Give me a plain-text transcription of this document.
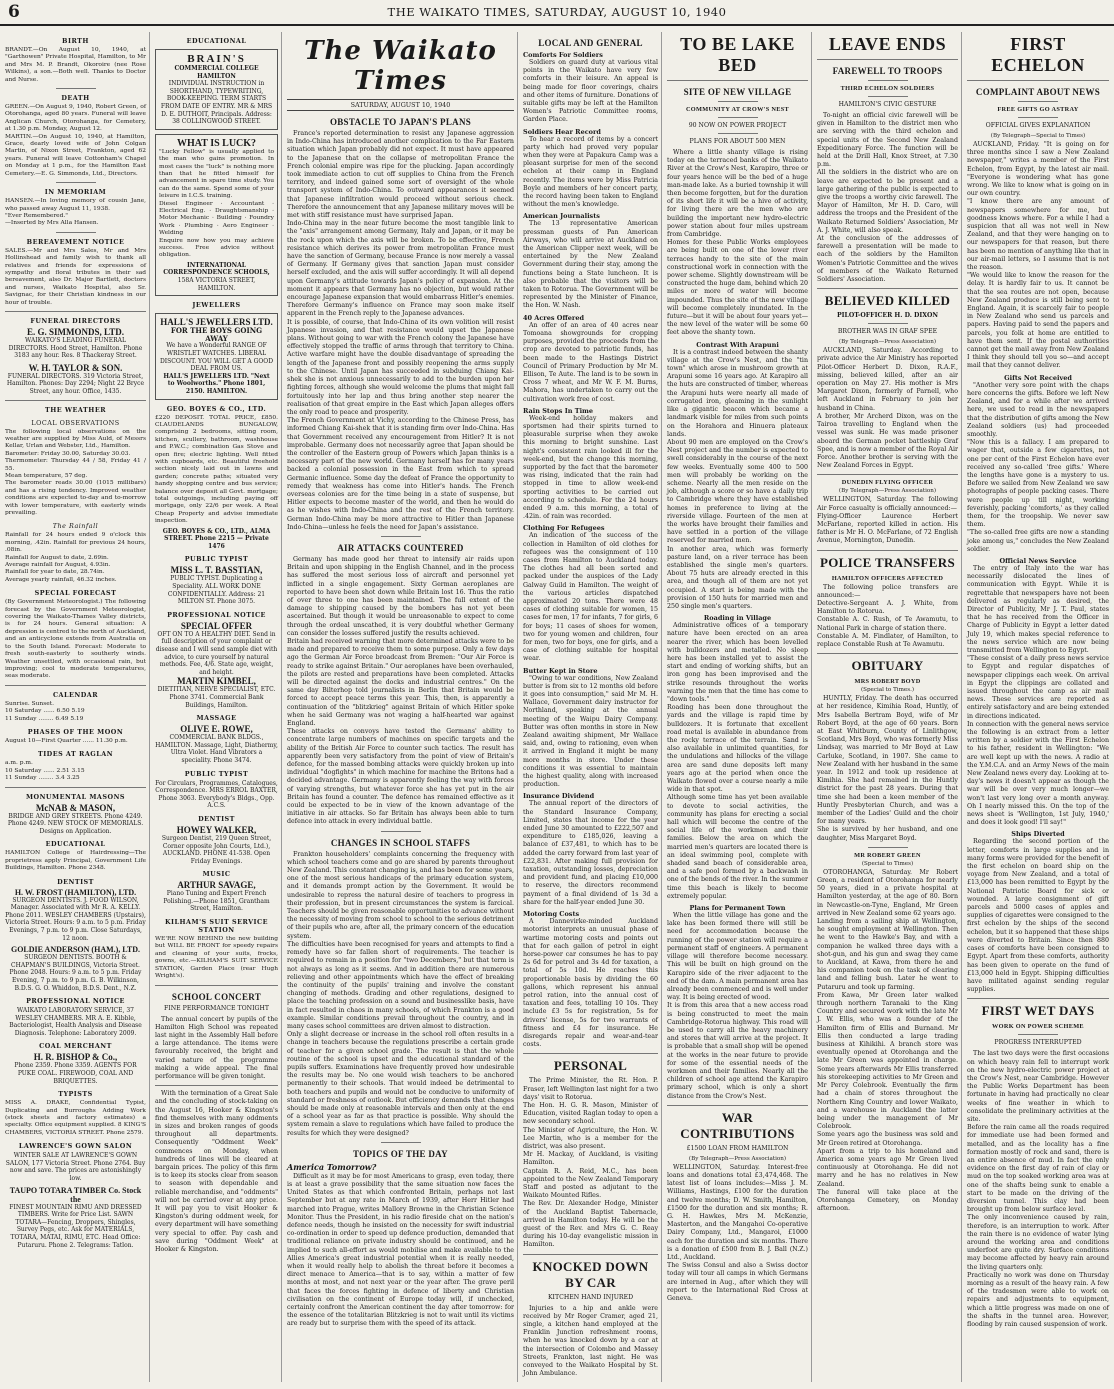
6	THE WAIKATO TIMES, SATURDAY, AUGUST 10, 1940
BIRTH
BRANDT.—On August 10, 1940, at "Garthowen" Private Hospital, Hamilton, to Mr and Mrs M. P. Brandt, Okoroire (nee Rose Wilkins), a son.—Both well. Thanks to Doctor and Nurse.
DEATH
GREEN.—On August 9, 1940, Robert Green, of Otorohanga, aged 80 years. Funeral will leave Anglican Church, Otorohanga, for Cemetery, at 1.30 p.m. Monday, August 12.
MARTIN.—On August 10, 1940, at Hamilton, Grace, dearly loved wife of John Colgan Martin, of Nixon Street, Frankton, aged 62 years. Funeral will leave Cottonham's Chapel on Monday at 1 p.m., for the Hamilton East Cemetery.—E. G. Simmonds, Ltd., Directors.
IN MEMORIAM
HANSEN.—In loving memory of cousin Jane, who passed away August 11, 1938.
"Ever Remembered."
—Inserted by Mrs Alla Hansen.
BEREAVEMENT NOTICE
SALES.—Mr and Mrs Sales, Mr and Mrs Hollinshead and family wish to thank all relatives and friends for expressions of sympathy and floral tributes in their sad bereavement, also Dr. Major Bartlett, doctors and nurses, Waikato Hospital, also Sr. Savignac, for their Christian kindness in our hour of trouble.
FUNERAL DIRECTORS
E. G. SIMMONDS, LTD.
WAIKATO'S LEADING FUNERAL DIRECTORS. Hood Street, Hamilton. Phone 3183 any hour. Res. 8 Thackeray Street.
W. H. TAYLOR & SON.
FUNERAL DIRECTORS. 319 Victoria Street, Hamilton. Phones: Day 2294; Night 22 Bryce Street, any hour. Office, 1435.
THE WEATHER
LOCAL OBSERVATIONS
The following local observations on the weather are supplied by Miss Auld, of Messrs Kellar, Urlan and Webster, Ltd., Hamilton.
Barometer: Friday 30.00, Saturday 30.03.
Thermometer: Thursday 44 / 58, Friday 41 / 55.
Mean temperature, 57 deg.
The barometer reads 30.00 (1015 millibars) and has a rising tendency. Improved weather conditions are expected to-day and to-morrow with lower temperature, with easterly winds prevailing.
The Rainfall
Rainfall for 24 hours ended 9 o'clock this morning, .42in. Rainfall for previous 24 hours, .08in.
Rainfall for August to date, 2.69in.
Average rainfall for August, 4.93in.
Rainfall for year to date, 28.74in.
Average yearly rainfall, 46.32 inches.
SPECIAL FORECAST
(By Government Meteorologist.) The following forecast by the Government Meteorologist, covering the Waikato-Thames Valley districts, is for 24 hours. General situation: A depression is centred to the north of Auckland, and an anticyclone extends from Australia on to the South Island. Forecast: Moderate to fresh south-easterly to southerly winds. Weather unsettled, with occasional rain, but improving; cool to moderate temperatures, seas moderate.
CALENDAR
Sunrise. Sunset.
10 Saturday ...... 6.50 5.19
11 Sunday ........ 6.49 5.19
PHASES OF THE MOON
August 10—First Quarter ...... 11.30 p.m.
TIDES AT RAGLAN
a.m. p.m.
10 Saturday ...... 2.51 3.15
11 Sunday ........ 3.4 3.25
MONUMENTAL MASONS
McNAB & MASON,
BRIDGE AND GREY STREETS. Phone 4249. Phone 4249. NEW STOCK OF MEMORIALS. Designs on Application.
EDUCATIONAL
HAMILTON College of Hairdressing—The proprietress apply Principal, Government Life Buildings, Hamilton. Phone 2348.
DENTIST
H. W. FROST (HAMILTON), LTD.
SURGEON DENTISTS. J. FOOD WILSON, Manager. Associated with Mr R. A. KELLY. Phone 2011. WESLEY CHAMBERS (Upstairs), Victoria Street. Hours: 9 a.m. to 5 p.m. Friday Evenings, 7 p.m. to 9 p.m. Close Saturdays, 12 noon.
GOLDIE ANDERSON (HAM.), LTD.
SURGEON DENTISTS. BOOTH & CHAPMAN'S BUILDINGS, Victoria Street. Phone 2048. Hours: 9 a.m. to 5 p.m. Friday Evening, 7 p.m. to 9 p.m. G. B. Wilkinson, B.D.S. G. O. Whiddon, B.D.S. Dent., N.Z.
PROFESSIONAL NOTICE
WAIKATO LABORATORY SERVICE, 37 WESLEY CHAMBERS. MR A. E. Kibble, Bacteriologist, Health Analysis and Disease Diagnosis. Telephone: Laboratory 2009.
COAL MERCHANT
H. R. BISHOP & Co.,
Phone 2359. Phone 3359. AGENTS FOR PUKE COAL. FIREWOOD, COAL AND BRIQUETTES.
TYPISTS
MISS A. DRAKE, Confidential Typist, Duplicating and Burroughs Adding Work (stock sheets and factory estimates) a specialty. Office equipment supplied. 8 KING'S CHAMBERS, VICTORIA STREET. Phone 2579.
LAWRENCE'S GOWN SALON
WINTER SALE AT LAWRENCE'S GOWN SALON, 177 Victoria Street. Phone 2764. Buy now and save. The prices are astonishingly low.
TAUPO TOTARA TIMBER Co. Stock the
FINEST MOUNTAIN RIMU AND DRESSED TIMBERS. Write for Price List. SAWN TOTARA—Fencing, Droppers, Shingles, Survey Pegs, etc. Ask for MATERIALS, TOTARA, MATAI, RIMU, ETC. Head Office: Putaruru. Phone 2. Telegrams: Tatlon.
EDUCATIONAL
BRAIN'S
COMMERCIAL COLLEGE HAMILTON
INDIVIDUAL INSTRUCTION in SHORTHAND, TYPEWRITING, BOOK-KEEPING. TERM STARTS FROM DATE OF ENTRY. MR & MRS D. E. DUTHOIT, Principals. Address: 38 COLLINGWOOD STREET.
WHAT IS LUCK?
"Lucky Fellow" is usually applied to the man who gains promotion. In most cases the "luck" is nothing more than that he fitted himself for advancement in spare time study. You can do the same. Spend some of your leisure in I.C.S. training.
Diesel Engineer · Accountant · Electrical Eng. · Draughtsmanship · Motor Mechanic · Building · Foundry Work · Plumbing · Aero Engineer · Welding
Enquire now how you may achieve success. Free advice without obligation.
INTERNATIONAL CORRESPONDENCE SCHOOLS,
158A VICTORIA STREET, HAMILTON.
JEWELLERS
HALL'S JEWELLERS LTD.
FOR THE BOYS GOING AWAY
We have a Wonderful RANGE OF WRISTLET WATCHES. LIBERAL DISCOUNT. YOU WILL GET A GOOD DEAL FROM US.
HALL'S JEWELLERS LTD. "Next to Woolworths." Phone 1801, 2150. HAMILTON.
GEO. BOYES & CO., LTD.
£220 DEPOSIT. TOTAL PRICE, £850. CLAUDELANDS BUNGALOW, comprising 2 bedrooms, sitting room, kitchen, scullery, bathroom, washhouse and P.W.C.; combination Gas Stove and open fire; electric lighting. Well fitted with cupboards, etc. Beautiful freehold section nicely laid out in lawns and garden; concrete paths; situated very handy shopping centre and bus service; balance over deposit all Govt. mortgage; total outgoings, including paying off mortgage, only 22/6 per week. A Real Cheap Property and advise immediate inspection.
GEO. BOYES & CO., LTD., ALMA STREET. Phone 2215 — Private 1476
PUBLIC TYPIST
MISS L. T. BASSTIAN,
PUBLIC TYPIST. Duplicating a Speciality. ALL WORK DONE CONFIDENTIALLY. Address: 21 MILTON ST. Phone 3075.
PROFESSIONAL NOTICE
SPECIAL OFFER
OFT ON TO A HEALTHY DIET. Send in full description of your complaint or disease and I will send sample diet with advice, to cure yourself by natural methods. Fee, 4/6. State age, weight, and height.
MARTIN KIMBEL,
DIETITIAN, NERVE SPECIALIST, ETC. Phone 3741. Commercial Bank Buildings, Hamilton.
MASSAGE
OLIVE E. ROWE,
COMMERCIAL BANK BLDGS., HAMILTON. Massage, Light, Diathermy, Ultra Violet. Hand Vibrators a speciality. Phone 3474.
PUBLIC TYPIST
For Circulars, Programmes, Catalogues, Correspondence. MRS ERROL BAXTER, Phone 3063. Everybody's Bldgs., Opp. A.C.S.
DENTIST
HOWEY WALKER,
Surgeon Dentist, 219 Queen Street, Corner opposite John Courts, Ltd.), AUCKLAND. PHONE 41-538. Open Friday Evenings.
MUSIC
ARTHUR SAVAGE,
Piano Tuning and Expert French Polishing.—Phone 1851, Grantham Street, Hamilton.
KILHAM'S SUIT SERVICE STATION
WE'RE NOW BEHIND the new building but WILL BE FRONT for speedy repairs and cleaning of your suits, frocks, gowns, etc.—KILHAM'S SUIT SERVICE STATION, Garden Place (rear Hugh Wright's).
SCHOOL CONCERT
FINE PERFORMANCE TONIGHT
The annual concert by pupils of the Hamilton High School was repeated last night in the Assembly Hall before a large attendance. The items were favourably received, the bright and varied nature of the programme making a wide appeal. The final performance will be given tonight.
With the termination of a Great Sale and the concluding of stock-taking on the August 16, Hooker & Kingston's find themselves with many oddments in sizes and broken ranges of goods throughout all departments. Consequently "Oddment Week" commences on Monday, when hundreds of lines will be cleared at bargain prices. The policy of this firm is to keep its stocks clear from season to season with dependable and reliable merchandise, and "oddments" will not be carried over at any price. It will pay you to visit Hooker & Kingston's during oddment week, for every department will have something very special to offer. Pay cash and save during "Oddment Week" at Hooker & Kingston.
The Waikato Times
SATURDAY, AUGUST 10, 1940
OBSTACLE TO JAPAN'S PLANS
France's reported determination to resist any Japanese aggression in Indo-China has introduced another complication to the Far Eastern situation which Japan probably did not expect. It must have appeared to the Japanese that on the collapse of metropolitan France the French colonial empire was ripe for the plucking. Japan accordingly took immediate action to cut off supplies to China from the French territory, and indeed gained some sort of oversight of the whole transport system of Indo-China. To outward appearances it seemed that Japanese infiltration would proceed without serious check. Therefore the announcement that any Japanese military moves will be met with stiff resistance must have surprised Japan.
Indo-China may in the near future become the most tangible link to the "axis" arrangement among Germany, Italy and Japan, or it may be the rock upon which the axis will be broken. To be effective, French resistance which derives its power from metropolitan France must have the sanction of Germany, because France is now merely a vassal of Germany. If Germany gives that sanction Japan must consider herself excluded, and the axis will suffer accordingly. It will all depend upon Germany's attitude towards Japan's policy of expansion. At the moment it appears that Germany has no objection, but would rather encourage Japanese expansion that would embarrass Hitler's enemies. Therefore Germany's influence on France may soon make itself apparent in the French reply to the Japanese advances.
It is possible, of course, that Indo-China of its own volition will resist Japanese invasion, and that resistance would upset the Japanese plans. Without going to war with the French colony the Japanese have effectively stopped the traffic of arms through that territory to China. Active warfare might have the double disadvantage of spreading the length of the Japanese front and possibly reopening the arms supply to the Chinese. Until Japan has succeeded in subduing Chiang Kai-shek she is not anxious unnecessarily to add to the burden upon her fighting forces, although she would welcome the plums that might fall fortuitously into her lap and thus bring another step nearer the realisation of that great empire in the East which Japan alleges offers the only road to peace and prosperity.
The French Government at Vichy, according to the Chinese Press, has informed Chiang Kai-shek that it is standing firm over Indo-China. Has that Government received any encouragement from Hitler? It is not improbable. Germany does not necessarily agree that Japan should be the controller of the Eastern group of Powers which Japan thinks is a necessary part of the new world. Germany herself has for many years backed a colonial possession in the East from which to spread Germanic influence. Some day the defeat of France the opportunity to remedy that weakness has come into Hitler's hands. The French overseas colonies are for the time being in a state of suspense, but Hitler expects to become master of the world, and then he would do as he wishes with Indo-China and the rest of the French territory. German Indo-China may be more attractive to Hitler than Japanese Indo-China—unless he feels the need for Japan's assistance.
AIR ATTACKS COUNTERED
Germany has made good her threat to intensify air raids upon Britain and upon shipping in the English Channel, and in the process has suffered the most serious loss of aircraft and personnel yet inflicted in a single engagement. Sixty German aeroplanes are reported to have been shot down while Britain lost 16. Thus the ratio of over three to one has been maintained. The full extent of the damage to shipping caused by the bombers has not yet been ascertained. But though it would be unreasonable to expect to come through the ordeal unscathed, it is very doubtful whether Germany can consider the losses suffered justify the results achieved.
Britain had received warning that more determined attacks were to be made and prepared to receive them to some purpose. Only a few days ago the German Air Force broadcast from Bremen: "Our Air Force is ready to strike against Britain." Our aeroplanes have been overhauled, the pilots are rested and preparations have been completed. Attacks will be directed against the docks and industrial centres." On the same day Bilterhop told journalists in Berlin that Britain would be forced to accept peace terms this year. This, then, is apparently a continuation of the "blitzkrieg" against Britain of which Hitler spoke when he said Germany was not waging a half-hearted war against England.
These attacks on convoys have tested the Germans' ability to concentrate large numbers of machines on specific targets and the ability of the British Air Force to counter such tactics. The result has apparently been very satisfactory from the point of view of Britain's defence, for the massed bombing attacks were quickly broken up into individual "dogfights" in which machine for machine the Britons had a decided advantage. Germany is apparently feeling the way with forces of varying strengths, but whatever force she has yet put in the air Britain has found a counter. The defence has remained effective as it could be expected to be in view of the known advantage of the initiative in air attacks. So far Britain has always been able to turn defence into attack in every individual battle.
CHANGES IN SCHOOL STAFFS
Frankton householders' complaints concerning the frequency with which school teachers come and go are shared by parents throughout New Zealand. This constant changing is, and has been for some years, one of the most serious handicaps of the primary education system, and it demands prompt action by the Government. It would be undesirable to repress the natural desire of teachers to progress in their profession, but in present circumstances the system is farcical. Teachers should be given reasonable opportunities to advance without the necessity of moving from school to school to the serious detriment of their pupils who are, after all, the primary concern of the education system.
The difficulties have been recognised for years and attempts to find a remedy have so far fallen short of requirements. The teacher is required to remain in a position for "two Decembers," but that term is not always as long as it seems. And in addition there are numerous relieving and other appointments which have the effect of breaking the continuity of the pupils' training and involve the constant changing of methods. Grading and other regulations, designed to place the teaching profession on a sound and businesslike basis, have in fact resulted in chaos in many schools, of which Frankton is a good example. Similar conditions prevail throughout the country, and in many cases school committees are driven almost to distraction.
Only a slight decrease or increase in the school roll often results in a change in teachers because the regulations prescribe a certain grade of teacher for a given school grade. The result is that the whole routine of the school is upset and the educational standard of the pupils suffers. Examinations have frequently proved how undesirable the results may be. No one would wish teachers to be anchored permanently to their schools. That would indeed be detrimental to both teachers and pupils and would not be conducive to uniformity of standard or freshness of outlook. But efficiency demands that changes should be made only at reasonable intervals and then only at the end of a school year as far as that practice is possible. Why should the system remain a slave to regulations which have failed to produce the results for which they were designed?
TOPICS OF THE DAY
America Tomorrow?
Difficult as it may be for most Americans to grasp, even today, there is at least a grave possibility that the same situation now faces the United States as that which confronted Britain, perhaps not last September but at any rate in March of 1939, after Herr Hitler had marched into Prague, writes Mallory Browne in the Christian Science Monitor. Thus the President, in his radio fireside chat on the nation's defence needs, though he insisted on the necessity for swift industrial co-ordination in order to speed up defence production, demanded that traditional reliance on private industry should be continued, and he implied to such all-effort as would mobilise and make available to the Allies America's great industrial potential when it is really needed, when it would really help to abolish the threat before it becomes a direct menace to America—that is to say, within a matter of few months at most, and not next year or the year after. The grave peril that faces the forces fighting in defence of liberty and Christian civilisation on the continent of Europe today will, if unchecked, certainly confront the American continent the day after tomorrow: for the essence of the totalitarian Blitzkrieg is not to wait until its victims are ready but to surprise them with the speed of its attack.
LOCAL AND GENERAL
Comforts For Soldiers
Soldiers on guard duty at various vital points in the Waikato have very few comforts in their leisure. An appeal is being made for floor coverings, chairs and other items of furniture. Donations of suitable gifts may be left at the Hamilton Women's Patriotic Committee rooms, Garden Place.
Soldiers Hear Record
To hear a record of items by a concert party which had proved very popular when they were at Papakura Camp was a pleasant surprise for men of the second echelon at their camp in England recently. The items were by Miss Patricia Boyle and members of her concert party, the record having been taken to England without the men's knowledge.
American Journalists
The 13 representative American pressman guests of Pan American Airways, who will arrive at Auckland on the American Clipper next week, will be entertained by the New Zealand Government during their stay, among the functions being a State luncheon. It is also probable that the visitors will be taken to Rotorua. The Government will be represented by the Minister of Finance, the Hon. W. Nash.
40 Acres Offered
An offer of an area of 40 acres near Tomoana showgrounds for cropping purposes, provided the proceeds from the crop are devoted to patriotic funds, has been made to the Hastings District Council of Primary Production by Mr M. Ellison, Te Aute. The land is to be sown in Cross 7 wheat, and Mr W. F. M. Burns, Mahora, has undertaken to carry out the cultivation work free of cost.
Rain Stops In Time
Week-end holiday makers and sportsmen had their spirits turned to pleasurable surprise when they awoke this morning to bright sunshine. Last night's consistent rain looked ill for the week-end, but the change this morning, supported by the fact that the barometer was rising, indicated that the rain had stopped in time to allow week-end sporting activities to be carried out according to schedule. For the 24 hours ended 9 a.m. this morning, a total of .42in. of rain was recorded.
Clothing For Refugees
An indication of the success of the collection in Hamilton of old clothes for refugees was the consignment of 110 cases from Hamilton to Auckland today. The clothes had all been sorted and packed under the auspices of the Lady Galway Guild in Hamilton. The weight of the various articles dispatched approximated 20 tons. There were 48 cases of clothing suitable for women, 15 cases for men, 17 for infants, 7 for girls, 6 for boys; 11 cases of shoes for women, two for young women and children, four for men, two for boys, one for girls, and a case of clothing suitable for hospital wear.
Butter Kept in Store
"Owing to war conditions, New Zealand butter is from six to 12 months old before it goes into consumption," said Mr M. H. Wallace, Government dairy instructor for Northland, speaking at the annual meeting of the Waipu Dairy Company. Butter was often months in store in New Zealand awaiting shipment, Mr Wallace said, and, owing to rationing, even when it arrived in England it might be many more months in store. Under these conditions it was essential to maintain the highest quality, along with increased production.
Insurance Dividend
The annual report of the directors of the Standard Insurance Company, Limited, states that income for the year ended June 30 amounted to £222,507 and expenditure to £185,026, leaving a balance of £37,481, to which has to be added the carry forward from last year of £22,831. After making full provision for taxation, outstanding losses, depreciation and provident fund, and placing £10,000 to reserve, the directors recommend payment of a final dividend of 1s 3d a share for the half-year ended June 30.
Motoring Costs
A Dannevirke-minded Auckland motorist interprets an unusual phase of wartime motoring costs and points out that for each gallon of petrol in eight horse-power car consumes he has to pay 2s 6d for petrol and 3s 4d for taxation, a total of 5s 10d. He reaches this proportionable basis by dividing the 60 gallons, which represent his annual petrol ration, into the annual cost of taxation and fees, totalling 10 10s. They include £3 5s for registration, 5s for drivers' license, 5s for two warrants of fitness and £4 for insurance. He disregards repair and wear-and-tear costs.
PERSONAL
The Prime Minister, the Rt. Hon. P. Fraser, left Wellington last night for a two days' visit to Rotorua.
The Hon. H. G. R. Mason, Minister of Education, visited Raglan today to open a new secondary school.
The Minister of Agriculture, the Hon. W. Lee Martin, who is a member for the district, was also present.
Mr H. Mackay, of Auckland, is visiting Hamilton.
Captain R. A. Reid, M.C., has been appointed to the New Zealand Temporary Staff and posted as adjutant to the Waikato Mounted Rifles.
The Rev. Dr. Alexander Hodge, Minister of the Auckland Baptist Tabernacle, arrived in Hamilton today. He will be the guest of the Rev. and Mrs G. C. Reay during his 10-day evangelistic mission in Hamilton.
KNOCKED DOWN BY CAR
KITCHEN HAND INJURED
Injuries to a hip and ankle were received by Mr Roger Cramer, aged 21, single, a kitchen hand employed at the Franklin Junction refreshment rooms, when he was knocked down by a car at the intersection of Colombo and Massey Streets, Frankton, last night. He was conveyed to the Waikato Hospital by St. John Ambulance.
TO BE LAKE BED
SITE OF NEW VILLAGE
COMMUNITY AT CROW'S NEST
90 NOW ON POWER PROJECT
PLANS FOR ABOUT 500 MEN
Where a little shanty village is rising today on the terraced banks of the Waikato River at the Crow's Nest, Karapiro, three or four years hence will be the bed of a huge man-made lake. As a buried township it will then become forgotten, but for the duration of its short life it will be a hive of activity, for living there are the men who are building the important new hydro-electric power station about four miles upstream from Cambridge.
Homes for these Public Works employees are being built on one of the lower river terraces handy to the site of the main constructional work in connection with the power scheme. Slightly downstream will be constructed the huge dam, behind which 20 miles or more of water will become impounded. Thus the site of the new village will become completely inundated. In the future—but it will be about four years yet—the new level of the water will be some 60 feet above the shanty town.
Contrast With Arapuni
It is a contrast indeed between the shanty village at the Crow's Nest, and the "tin town" which arose in mushroom growth at Arapuni some 16 years ago. At Karapiro all the huts are constructed of timber, whereas the Arapuni huts were nearly all made of corrugated iron, gleaming in the sunlight like a gigantic beacon which became a landmark visible for miles from such points on the Horahora and Hinuera plateaux lands.
About 90 men are employed on the Crow's Nest project and the number is expected to swell considerably in the course of the next few weeks. Eventually some 400 to 500 men will probably be working on the scheme. Nearly all the men reside on the job, although a score or so have a daily trip to Cambridge where they have established homes in preference to living at the riverside village. Fourteen of the men at the works have brought their families and have settled in a portion of the village reserved for married men.
In another area, which was formerly pasture land, on a river terrace has been established the single men's quarters. About 75 huts are already erected in this area, and though all of them are not yet occupied. A start is being made with the provision of 150 huts for married men and 250 single men's quarters.
Roading in Village
Administrative offices of a temporary nature have been erected on an area nearer the river, which has been levelled with bulldozers and metalled. No sleep here has been installed yet to assist the start and ending of working shifts, but an iron gong has been improvised and the strike resounds throughout the works warning the men that the time has come to "down tools."
Roading has been done throughout the yards and the village is rapid time by bulldozers. It is fortunate that excellent road metal is available in abundance from the rocky terrace of the terrain. Sand is also available in unlimited quantities, for the undulations and hillocks of the village area are sand dune deposits left many years ago at the period when once the Waikato flowed over a course nearly a mile wide in that spot.
Although some time has yet been available to devote to social activities, the community has plans for erecting a social hall which will become the centre of the social life of the workmen and their families. Below the area on which the married men's quarters are located there is an ideal swimming pool, complete with shaded sand beach of considerable area, and a safe pool formed by a backwash in one of the bends of the river. In the summer time this beach is likely to become extremely popular.
Plans for Permanent Town
When the little village has gone and the lake has been formed there will still be need for accommodation because the running of the power station will require a permanent staff of engineers. A permanent village will therefore become necessary. This will be built on high ground on the Karapiro side of the river adjacent to the end of the dam. A main permanent area has already been commenced and is well under way. It is being erected of wood.
It is from this area that a new access road is being constructed to meet the main Cambridge-Rotorua highway. This road will be used to carry all the heavy machinery and stores that will arrive at the project. It is probable that a small shop will be opened at the works in the near future to provide for some of the essential needs of the workmen and their families. Nearly all the children of school age attend the Karapiro primary school, which is only a short distance from the Crow's Nest.
WAR CONTRIBUTIONS
£1500 LOAN FROM HAMILTON
(By Telegraph—Press Association)
WELLINGTON, Saturday. Interest-free loans and donations total £3,474,468. The latest list of loans includes:—Miss J. M. Williams, Hastings, £100 for the duration and twelve months; D. W. Smith, Hamilton, £1500 for the duration and six months; R. G. H. Hawkes, Mrs M. McKenzie, Masterton, and the Mangahoi Co-operative Dairy Company, Ltd., Mangaroi, £1000 each for the duration and six months. There is a donation of £500 from B. J. Ball (N.Z.) Ltd., Auckland.
The Swiss Consul and also a Swiss doctor today will tour all camps in which Germans are interned in Aug., after which they will report to the International Red Cross at Geneva.
LEAVE ENDS
FAREWELL TO TROOPS
THIRD ECHELON SOLDIERS
HAMILTON'S CIVIC GESTURE
To-night an official civic farewell will be given in Hamilton to the district men who are serving with the third echelon and special units of the Second New Zealand Expeditionary Force. The function will be held at the Drill Hall, Knox Street, at 7.30 p.m.
All the soldiers in the district who are on leave are expected to be present and a large gathering of the public is expected to give the troops a worthy civic farewell. The Mayor of Hamilton, Mr H. D. Caro, will address the troops and the President of the Waikato Returned Soldiers' Association, Mr A. J. White, will also speak.
At the conclusion of the addresses of farewell a presentation will be made to each of the soldiers by the Hamilton Women's Patriotic Committee and the wives of members of the Waikato Returned Soldiers' Association.
BELIEVED KILLED
PILOT-OFFICER H. D. DIXON
BROTHER WAS IN GRAF SPEE
(By Telegraph—Press Association)
AUCKLAND, Saturday. According to private advice the Air Ministry has reported Pilot-Officer Herbert D. Dixon, R.A.F., missing, believed killed, after an air operation on May 27. His mother is Mrs Margaret Dixon, formerly of Parnell, who left Auckland in February to join her husband in China.
A brother, Mr Archerd Dixon, was on the Tairoa travelling to England when the vessel was sunk. He was made prisoner aboard the German pocket battleship Graf Spee, and is now a member of the Royal Air Force. Another brother is serving with the New Zealand Forces in Egypt.
DUNEDIN FLYING OFFICER
(By Telegraph—Press Association)
WELLINGTON, Saturday. The following Air Force casualty is officially announced:—
Flying-Officer Laurence Herbert McFarlane, reported killed in action. His father is Mr H. O. McFarlane, of 72 English Avenue, Mornington, Dunedin.
POLICE TRANSFERS
HAMILTON OFFICERS AFFECTED
The following police transfers are announced:—
Detective-Sergeant A. J. White, from Hamilton to Rotorua.
Constable A. C. Rush, of Te Awamutu, to National Park in charge of station there.
Constable A. M. Findlater, of Hamilton, to replace Constable Rush at Te Awamutu.
OBITUARY
MRS ROBERT BOYD
(Special to Times.)
HUNTLY, Friday. The death has occurred at her residence, Kimihia Road, Huntly, of Mrs Isabella Bertram Boyd, wife of Mr Robert Boyd, at the age of 60 years. Born at East Whitburn, County of Linlithgow, Scotland, Mrs Boyd, who was formerly Miss Lindsay, was married to Mr Boyd at Law Carluke, Scotland, in 1907. She came to New Zealand with her husband in the same year. In 1912 and took up residence at Kimihia. She had remained in the Huntly district for the past 28 years. During that time she had been a keen member of the Huntly Presbyterian Church, and was a member of the Ladies' Guild and the choir for many years.
She is survived by her husband, and one daughter, Miss Margaret Boyd.
MR ROBERT GREEN
(Special to Times)
OTOROHANGA, Saturday. Mr Robert Green, a resident of Otorohanga for nearly 50 years, died in a private hospital at Hamilton yesterday, at the age of 80. Born in Newcastle-on-Tyne, England, Mr Green arrived in New Zealand some 62 years ago.
Landing from a sailing ship at Wellington, he sought employment at Wellington. Then he went to the Hawke's Bay, and with a companion he walked three days with a shot-gun, and his gun and swag they came to Auckland, at Kawa, from there he and his companion took on the task of clearing land and felling bush. Later he went to Putaruru and took up farming.
From Kawa, Mr Green later walked through northern Taranaki to the King Country and secured work with the late Mr J. W. Ellis, who was a founder of the Hamilton firm of Ellis and Burnand. Mr Ellis then conducted a large trading business at Kihikihi. A branch store was eventually opened at Otorohanga and the late Mr Green was appointed in charge. Some years afterwards Mr Ellis transferred his storekeeping activities to Mr Green and Mr Percy Colebrook. Eventually the firm had a chain of stores throughout the Northern King Country and lower Waikato, and a warehouse in Auckland the latter being under the management of Mr Colebrook.
Some years ago the business was sold and Mr Green retired at Otorohanga.
Apart from a trip to his homeland and America some years ago Mr Green lived continuously at Otorohanga. He did not marry and he has no relatives in New Zealand.
The funeral will take place at the Otorohanga Cemetery, on Monday afternoon.
FIRST ECHELON
COMPLAINT ABOUT NEWS
FREE GIFTS GO ASTRAY
OFFICIAL GIVES EXPLANATION
(By Telegraph—Special to Times)
AUCKLAND, Friday. "It is going on for three months since I saw a New Zealand newspaper," writes a member of the First Echelon, from Egypt, by the latest air mail. "Everyone is wondering what has gone wrong. We like to know what is going on in our own country.
"I know there are any amount of newspapers somewhere for me, but goodness knows where. For a while I had a suspicion that all was not well in New Zealand, and that they were hanging on to our newspapers for that reason, but there has been no mention of anything like that in our air-mail letters, so I assume that is not the reason.
"We would like to know the reason for the delay. It is hardly fair to us. It cannot be that the sea routes are not open, because New Zealand produce is still being sent to England. Again, it is scarcely fair to people in New Zealand who send us parcels and papers. Having paid to send the papers and parcels, you folk at home are entitled to have them sent. If the postal authorities cannot get the mail away from New Zealand I think they should tell you so—and accept mail that they cannot deliver.
Gifts Not Received
"Another very sore point with the chaps here concerns the gifts. Before we left New Zealand, and for a while after we arrived here, we used to read in the newspapers that the distribution of gifts among the New Zealand soldiers (us) had proceeded smoothly.
"Now this is a fallacy. I am prepared to wager that, outside a few cigarettes, not one per cent of the First Echelon have ever received any so-called 'free gifts.' Where the lengths have gone is a mystery to us. Before we sailed from New Zealand we saw photographs of people packing cases. There were people up till night, working feverishly, packing 'comforts,' as they called them, for the troopship. We never saw them.
"The so-called free gifts are now a standing joke among us," concludes the New Zealand soldier.
Official News Service
The entry of Italy into the war has necessarily dislocated the lines of communication with Egypt. While it is regrettable that newspapers have not been delivered as regularly as desired, the Director of Publicity, Mr J. T. Paul, states that he has received from the Officer in Charge of Publicity in Egypt a letter dated July 19, which makes special reference to the news service which are now being transmitted from Wellington to Egypt.
"These consist of a daily press news service to Egypt and regular dispatches of newspaper clippings each week. On arrival in Egypt the clippings are collated and issued throughout the camp as air mail news. These services are reported as entirely satisfactory and are being extended in directions indicated.
In connection with the general news service the following is an extract from a letter written by a soldier with the First Echelon to his father, resident in Wellington: "We are well kept up with the news. A radio at the Y.M.C.A. and an Army News of the main New Zealand news every day. Looking at to-day's news it doesn't appear as though the war will be over very much longer—we won't last very long over a month anyway. Oh I nearly missed this. On the top of the news sheet is 'Wellington, 1st July, 1940,' and does it look good! I'll say!"
Ships Diverted
Regarding the second portion of the letter, comforts in large supplies and in many forms were provided for the benefit of the first echelon on board ship on the voyage from New Zealand, and a total of £13,000 has been remitted to Egypt by the National Patriotic Board for sick or wounded. A large consignment of gift parcels and 5000 cases of apples and supplies of cigarettes were consigned to the first echelon by the ships of the second echelon, but it so happened that these ships were diverted to Britain. Since then 880 cases of comforts have been consigned to Egypt. Apart from these comforts, authority has been given to operate on the fund of £13,000 held in Egypt. Shipping difficulties have militated against sending regular supplies.
FIRST WET DAYS
WORK ON POWER SCHEME
PROGRESS INTERRUPTED
The last two days were the first occasions on which heavy rain fell to interrupt work on the new hydro-electric power project at the Crow's Nest, near Cambridge. However the Public Works Department has been fortunate in having had practically no clear weeks of fine weather in which to consolidate the preliminary activities at the site.
Before the rain came all the roads required for immediate use had been formed and metalled, and as the locality has a fine formation mostly of rock and sand, there is an entire absence of mud. In fact the only evidence on the first day of rain of clay or mud on the top soaked working area was at one of the shafts being sunk to enable a start to be made on the driving of the diversion tunnel. This clay had been brought up from below surface level.
The only inconvenience caused by rain, therefore, is an interruption to work. After the rain there is no evidence of water lying around the working area and conditions underfoot are quite dry. Surface conditions may become affected by heavy rain around the living quarters only.
Practically no work was done on Thursday morning as a result of the heavy rain. A few of the tradesmen were able to work on repairs and adjustments to equipment, which a little progress was made on one of the shafts in the tunnel area. However, flooding by rain caused suspension of work.
